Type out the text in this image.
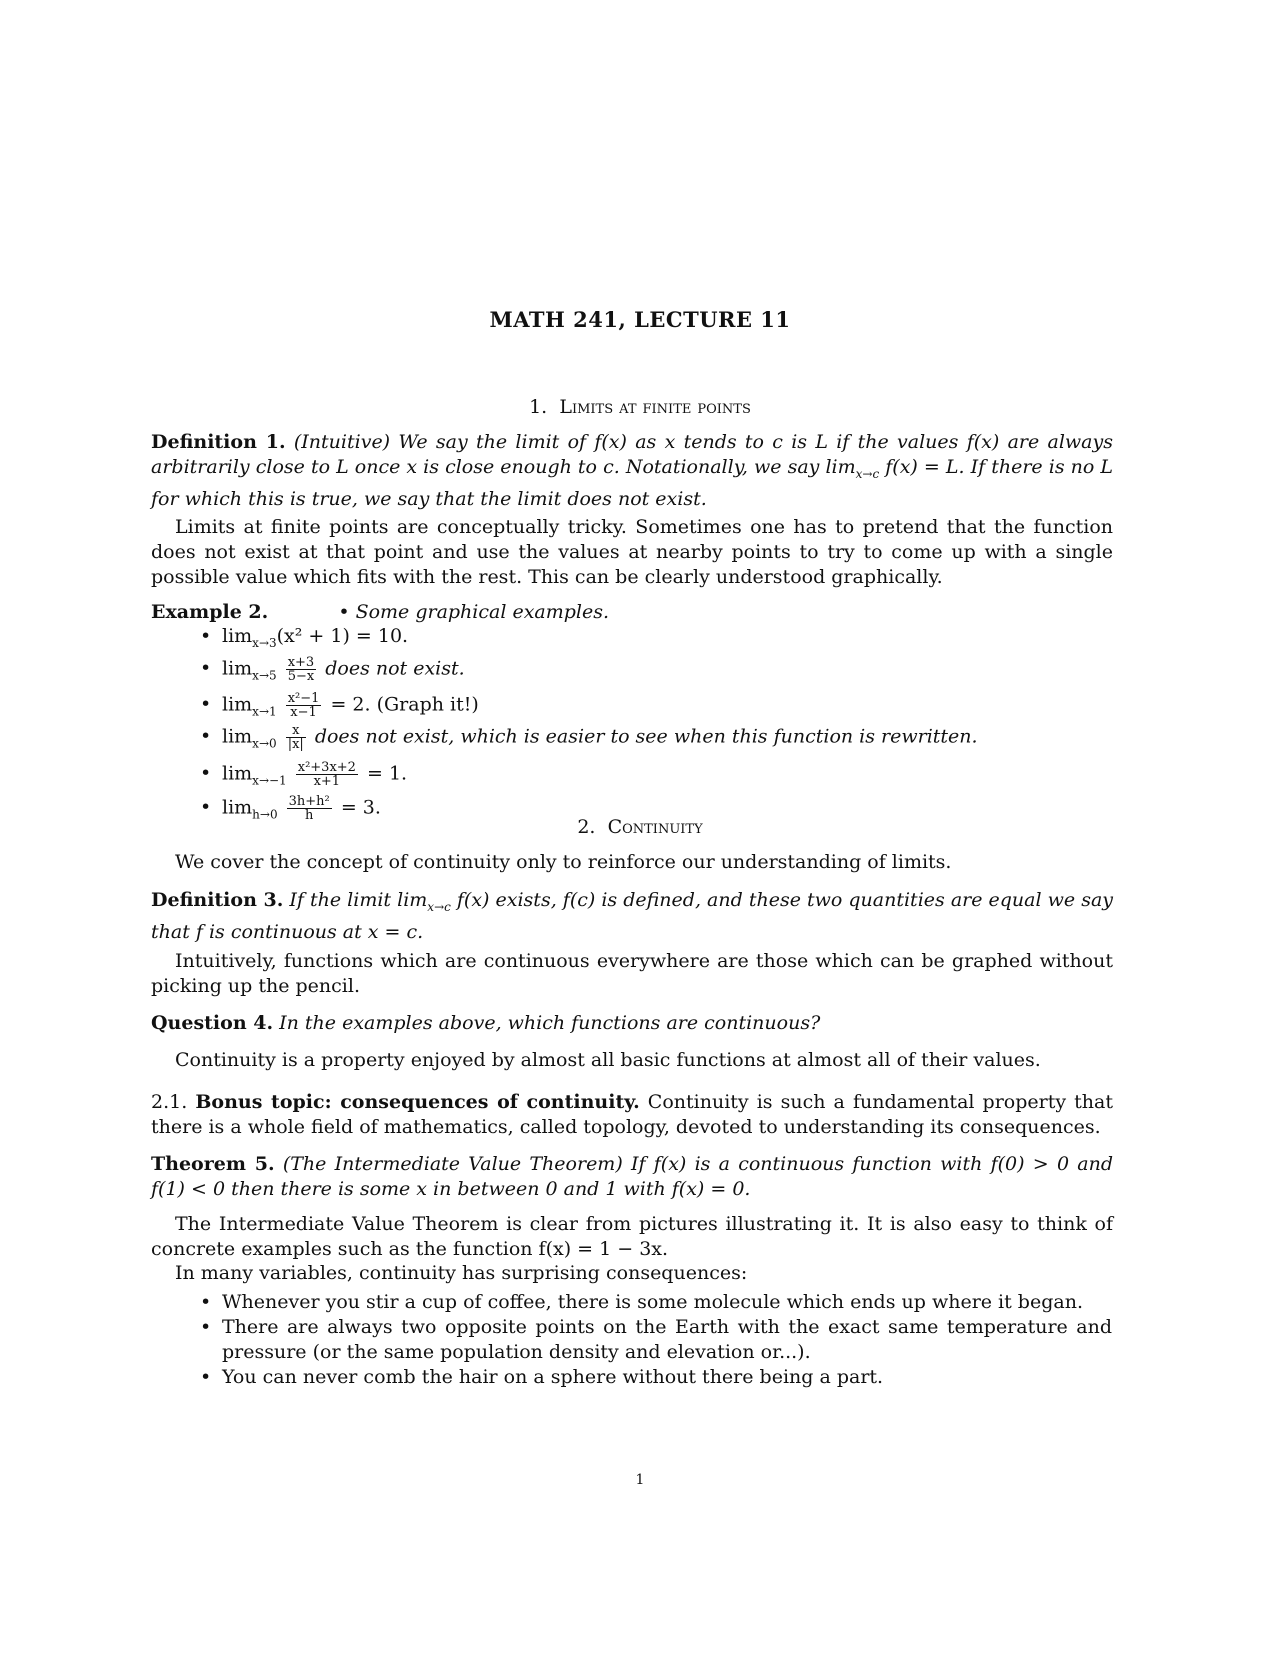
MATH 241, LECTURE 11
1. Limits at finite points
Definition 1. (Intuitive) We say the limit of f(x) as x tends to c is L if the values f(x) are always arbitrarily close to L once x is close enough to c. Notationally, we say $\lim_{x\to c} f(x) = L$. If there is no L for which this is true, we say that the limit does not exist.
Limits at finite points are conceptually tricky. Sometimes one has to pretend that the function does not exist at that point and use the values at nearby points to try to come up with a single possible value which fits with the rest. This can be clearly understood graphically.
Example 2.	• Some graphical examples.
• $\lim_{x\to 3}(x^2 + 1) = 10$.
• $\lim_{x\to 5} \frac{x+3}{5-x}$ does not exist.
• $\lim_{x\to 1} \frac{\text{x²−1}}{x-1} = 2$. (Graph it!)
• $\lim_{x\to 0} \frac{x}{|x|}$ does not exist, which is easier to see when this function is rewritten.
• $\lim_{x\to-1} \frac{\text{x²+3x+2}}{x+1} = 1$.
• $\lim_{h\to 0} \frac{\text{3h+h²}}{h} = 3$.
2. Continuity
We cover the concept of continuity only to reinforce our understanding of limits.
Definition 3. If the limit $\lim_{x\to c} f(x)$ exists, f(c) is defined, and these two quantities are equal we say that f is continuous at x = c.
Intuitively, functions which are continuous everywhere are those which can be graphed without picking up the pencil.
Question 4. In the examples above, which functions are continuous?
Continuity is a property enjoyed by almost all basic functions at almost all of their values.
2.1. Bonus topic: consequences of continuity. Continuity is such a fundamental property that there is a whole field of mathematics, called topology, devoted to understanding its consequences.
Theorem 5. (The Intermediate Value Theorem) If f(x) is a continuous function with f(0) > 0 and f(1) < 0 then there is some x in between 0 and 1 with f(x) = 0.
The Intermediate Value Theorem is clear from pictures illustrating it. It is also easy to think of concrete examples such as the function f(x) = 1 − 3x.
In many variables, continuity has surprising consequences:
• Whenever you stir a cup of coffee, there is some molecule which ends up where it began.
• There are always two opposite points on the Earth with the exact same temperature and pressure (or the same population density and elevation or...).
• You can never comb the hair on a sphere without there being a part.
1
